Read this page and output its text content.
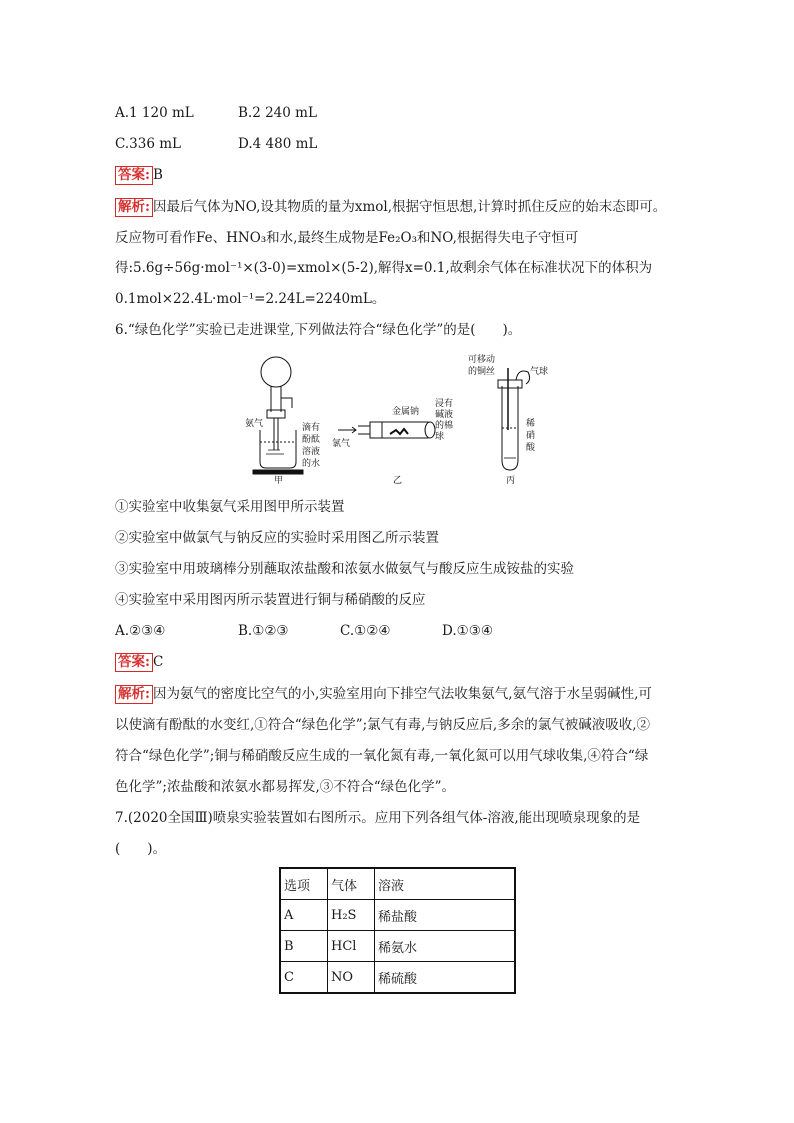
A.1 120 mL	B.2 240 mL
C.336 mL	D.4 480 mL
答案: B
解析: 因最后气体为NO,设其物质的量为xmol,根据守恒思想,计算时抓住反应的始末态即可。
反应物可看作Fe、HNO₃和水,最终生成物是Fe₂O₃和NO,根据得失电子守恒可
得:5.6g÷56g·mol⁻¹×(3-0)=xmol×(5-2),解得x=0.1,故剩余气体在标准状况下的体积为
0.1mol×22.4L·mol⁻¹=2.24L=2240mL。
6.“绿色化学”实验已走进课堂,下列做法符合“绿色化学”的是(　　)。
氨气	滴有
酚酞
溶液
的水
甲
氯气
金属钠
浸有
碱液
的棉
球
乙
可移动
的铜丝	气球
稀
硝
酸
丙
①实验室中收集氨气采用图甲所示装置
②实验室中做氯气与钠反应的实验时采用图乙所示装置
③实验室中用玻璃棒分别蘸取浓盐酸和浓氨水做氨气与酸反应生成铵盐的实验
④实验室中采用图丙所示装置进行铜与稀硝酸的反应
A.②③④	B.①②③	C.①②④	D.①③④
答案: C
解析: 因为氨气的密度比空气的小,实验室用向下排空气法收集氨气,氨气溶于水呈弱碱性,可
以使滴有酚酞的水变红,①符合“绿色化学”;氯气有毒,与钠反应后,多余的氯气被碱液吸收,②
符合“绿色化学”;铜与稀硝酸反应生成的一氧化氮有毒,一氧化氮可以用气球收集,④符合“绿
色化学”;浓盐酸和浓氨水都易挥发,③不符合“绿色化学”。
7.(2020全国Ⅲ)喷泉实验装置如右图所示。应用下列各组气体-溶液,能出现喷泉现象的是
(　　)。
选项	气体	溶液
A	H₂S	稀盐酸
B	HCl	稀氨水
C	NO	稀硫酸
